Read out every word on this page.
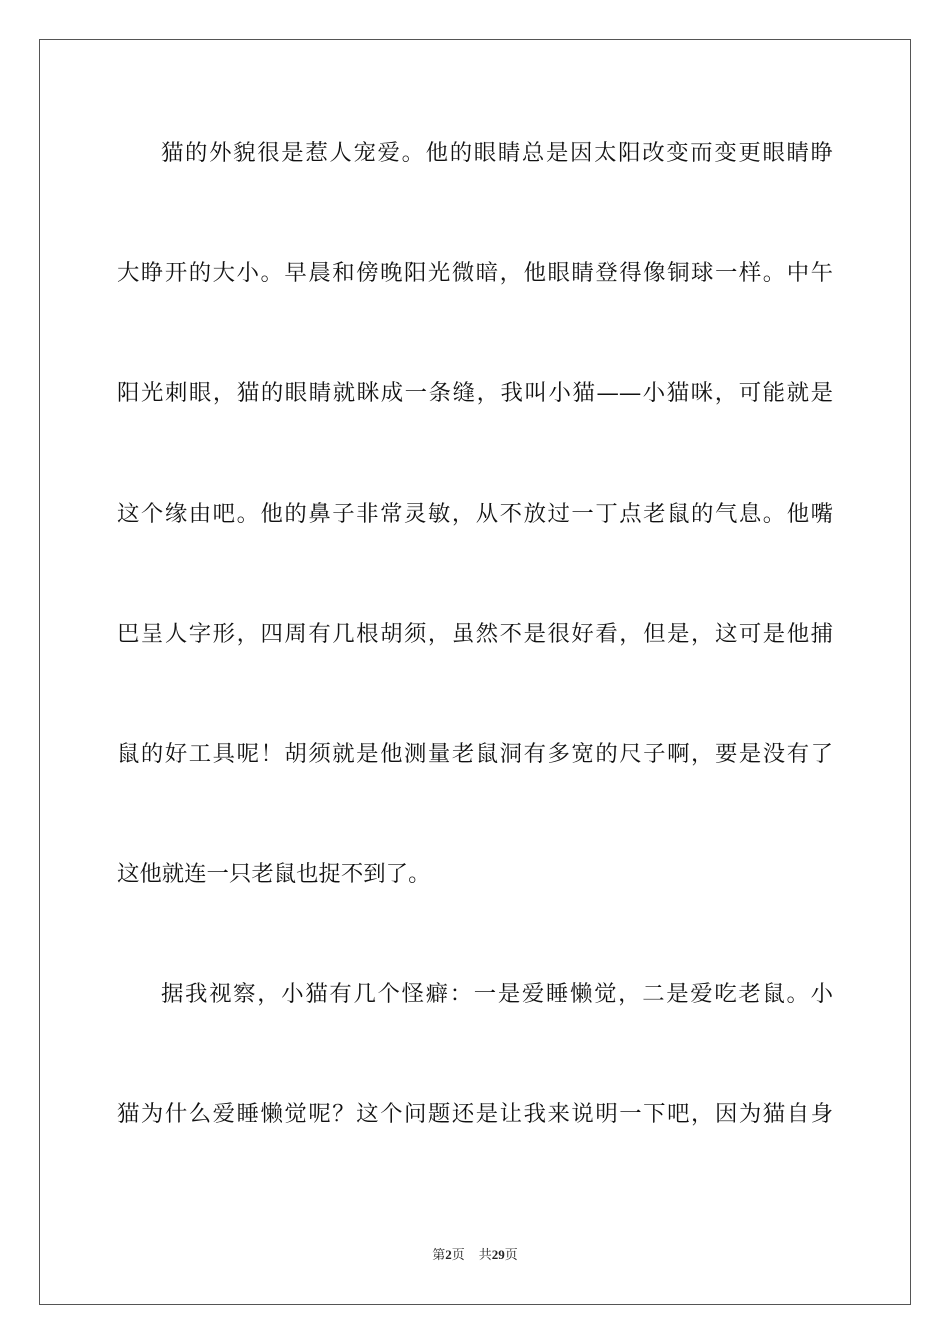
猫的外貌很是惹人宠爱。他的眼睛总是因太阳改变而变更眼睛睁
大睁开的大小。早晨和傍晚阳光微暗，他眼睛登得像铜球一样。中午
阳光刺眼，猫的眼睛就眯成一条缝，我叫小猫——小猫咪，可能就是
这个缘由吧。他的鼻子非常灵敏，从不放过一丁点老鼠的气息。他嘴
巴呈人字形，四周有几根胡须，虽然不是很好看，但是，这可是他捕
鼠的好工具呢！胡须就是他测量老鼠洞有多宽的尺子啊，要是没有了
这他就连一只老鼠也捉不到了。
据我视察，小猫有几个怪癖：一是爱睡懒觉，二是爱吃老鼠。小
猫为什么爱睡懒觉呢？这个问题还是让我来说明一下吧，因为猫自身
第2页 共29页
